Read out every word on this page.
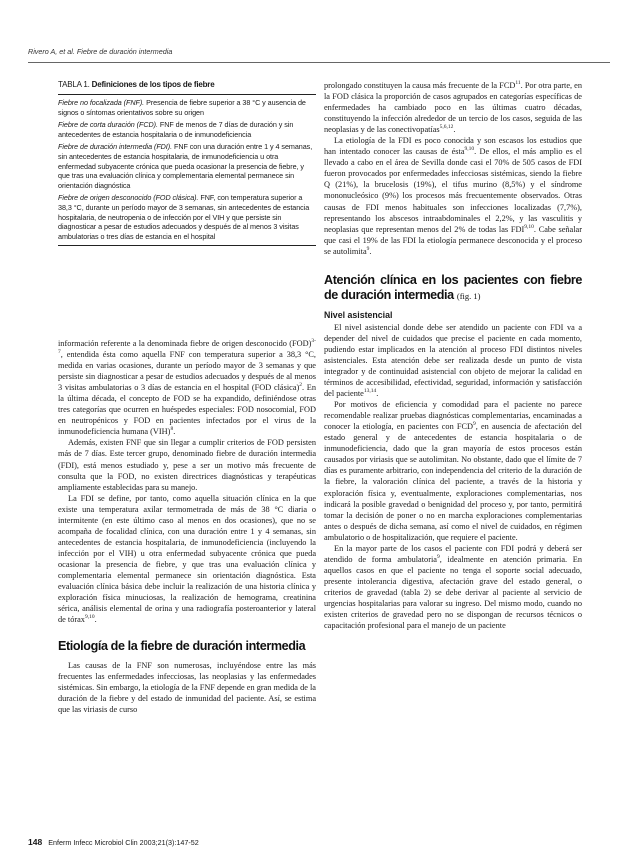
Rivero A, et al. Fiebre de duración intermedia
TABLA 1. Definiciones de los tipos de fiebre
Fiebre no focalizada (FNF). Presencia de fiebre superior a 38 °C y ausencia de signos o síntomas orientativos sobre su origen
Fiebre de corta duración (FCD). FNF de menos de 7 días de duración y sin antecedentes de estancia hospitalaria o de inmunodeficiencia
Fiebre de duración intermedia (FDI). FNF con una duración entre 1 y 4 semanas, sin antecedentes de estancia hospitalaria, de inmunodeficiencia u otra enfermedad subyacente crónica que pueda ocasionar la presencia de fiebre, y que tras una evaluación clínica y complementaria elemental permanece sin orientación diagnóstica
Fiebre de origen desconocido (FOD clásica). FNF, con temperatura superior a 38,3 °C, durante un período mayor de 3 semanas, sin antecedentes de estancia hospitalaria, de neutropenia o de infección por el VIH y que persiste sin diagnosticar a pesar de estudios adecuados y después de al menos 3 visitas ambulatorias o tres días de estancia en el hospital

información referente a la denominada fiebre de origen desconocido (FOD)$^{3-7}$, entendida ésta como aquella FNF con temperatura superior a 38,3 °C, medida en varias ocasiones, durante un período mayor de 3 semanas y que persiste sin diagnosticar a pesar de estudios adecuados y después de al menos 3 visitas ambulatorias o 3 días de estancia en el hospital (FOD clásica)$^2$. En la última década, el concepto de FOD se ha expandido, definiéndose otras tres categorías que ocurren en huéspedes especiales: FOD nosocomial, FOD en neutropénicos y FOD en pacientes infectados por el virus de la inmunodeficiencia humana (VIH)$^8$.

Además, existen FNF que sin llegar a cumplir criterios de FOD persisten más de 7 días. Este tercer grupo, denominado fiebre de duración intermedia (FDI), está menos estudiado y, pese a ser un motivo más frecuente de consulta que la FOD, no existen directrices diagnósticas y terapéuticas ampliamente establecidas para su manejo.

La FDI se define, por tanto, como aquella situación clínica en la que existe una temperatura axilar termometrada de más de 38 °C diaria o intermitente (en este último caso al menos en dos ocasiones), que no se acompaña de focalidad clínica, con una duración entre 1 y 4 semanas, sin antecedentes de estancia hospitalaria, de inmunodeficiencia (incluyendo la infección por el VIH) u otra enfermedad subyacente crónica que pueda ocasionar la presencia de fiebre, y que tras una evaluación clínica y complementaria elemental permanece sin orientación diagnóstica. Esta evaluación clínica básica debe incluir la realización de una historia clínica y exploración física minuciosas, la realización de hemograma, creatinina sérica, análisis elemental de orina y una radiografía posteroanterior y lateral de tórax$^{9,10}$.

Etiología de la fiebre de duración intermedia

Las causas de la FNF son numerosas, incluyéndose entre las más frecuentes las enfermedades infecciosas, las neoplasias y las enfermedades sistémicas. Sin embargo, la etiología de la FNF depende en gran medida de la duración de la fiebre y del estado de inmunidad del paciente. Así, se estima que las viriasis de curso

prolongado constituyen la causa más frecuente de la FCD$^{11}$. Por otra parte, en la FOD clásica la proporción de casos agrupados en categorías específicas de enfermedades ha cambiado poco en las últimas cuatro décadas, constituyendo la infección alrededor de un tercio de los casos, seguida de las neoplasias y de las conectivopatías$^{5,6,12}$.

La etiología de la FDI es poco conocida y son escasos los estudios que han intentado conocer las causas de ésta$^{9,10}$. De ellos, el más amplio es el llevado a cabo en el área de Sevilla donde casi el 70% de 505 casos de FDI fueron provocados por enfermedades infecciosas sistémicas, siendo la fiebre Q (21%), la brucelosis (19%), el tifus murino (8,5%) y el síndrome mononucleósico (9%) los procesos más frecuentemente observados. Otras causas de FDI menos habituales son infecciones localizadas (7,7%), representando los abscesos intraabdominales el 2,2%, y las vasculitis y neoplasias que representan menos del 2% de todas las FDI$^{9,10}$. Cabe señalar que casi el 19% de las FDI la etiología permanece desconocida y el proceso se autolimita$^9$.

Atención clínica en los pacientes con fiebre de duración intermedia (fig. 1)
Nivel asistencial

El nivel asistencial donde debe ser atendido un paciente con FDI va a depender del nivel de cuidados que precise el paciente en cada momento, pudiendo estar implicados en la atención al proceso FDI distintos niveles asistenciales. Esta atención debe ser realizada desde un punto de vista integrador y de continuidad asistencial con objeto de mejorar la calidad en términos de accesibilidad, efectividad, seguridad, información y satisfacción del paciente$^{13,14}$.

Por motivos de eficiencia y comodidad para el paciente no parece recomendable realizar pruebas diagnósticas complementarias, encaminadas a conocer la etiología, en pacientes con FCD$^9$, en ausencia de afectación del estado general y de antecedentes de estancia hospitalaria o de inmunodeficiencia, dado que la gran mayoría de estos procesos están causados por viriasis que se autolimitan. No obstante, dado que el límite de 7 días es puramente arbitrario, con independencia del criterio de la duración de la fiebre, la valoración clínica del paciente, a través de la historia y exploración física y, eventualmente, exploraciones complementarias, nos indicará la posible gravedad o benignidad del proceso y, por tanto, permitirá tomar la decisión de poner o no en marcha exploraciones complementarias antes o después de dicha semana, así como el nivel de cuidados, en régimen ambulatorio o de hospitalización, que requiere el paciente.

En la mayor parte de los casos el paciente con FDI podrá y deberá ser atendido de forma ambulatoria$^9$, idealmente en atención primaria. En aquellos casos en que el paciente no tenga el soporte social adecuado, presente intolerancia digestiva, afectación grave del estado general, o criterios de gravedad (tabla 2) se debe derivar al paciente al servicio de urgencias hospitalarias para valorar su ingreso. Del mismo modo, cuando no existen criterios de gravedad pero no se dispongan de recursos técnicos o capacitación profesional para el manejo de un paciente

148 Enferm Infecc Microbiol Clin 2003;21(3):147-52
